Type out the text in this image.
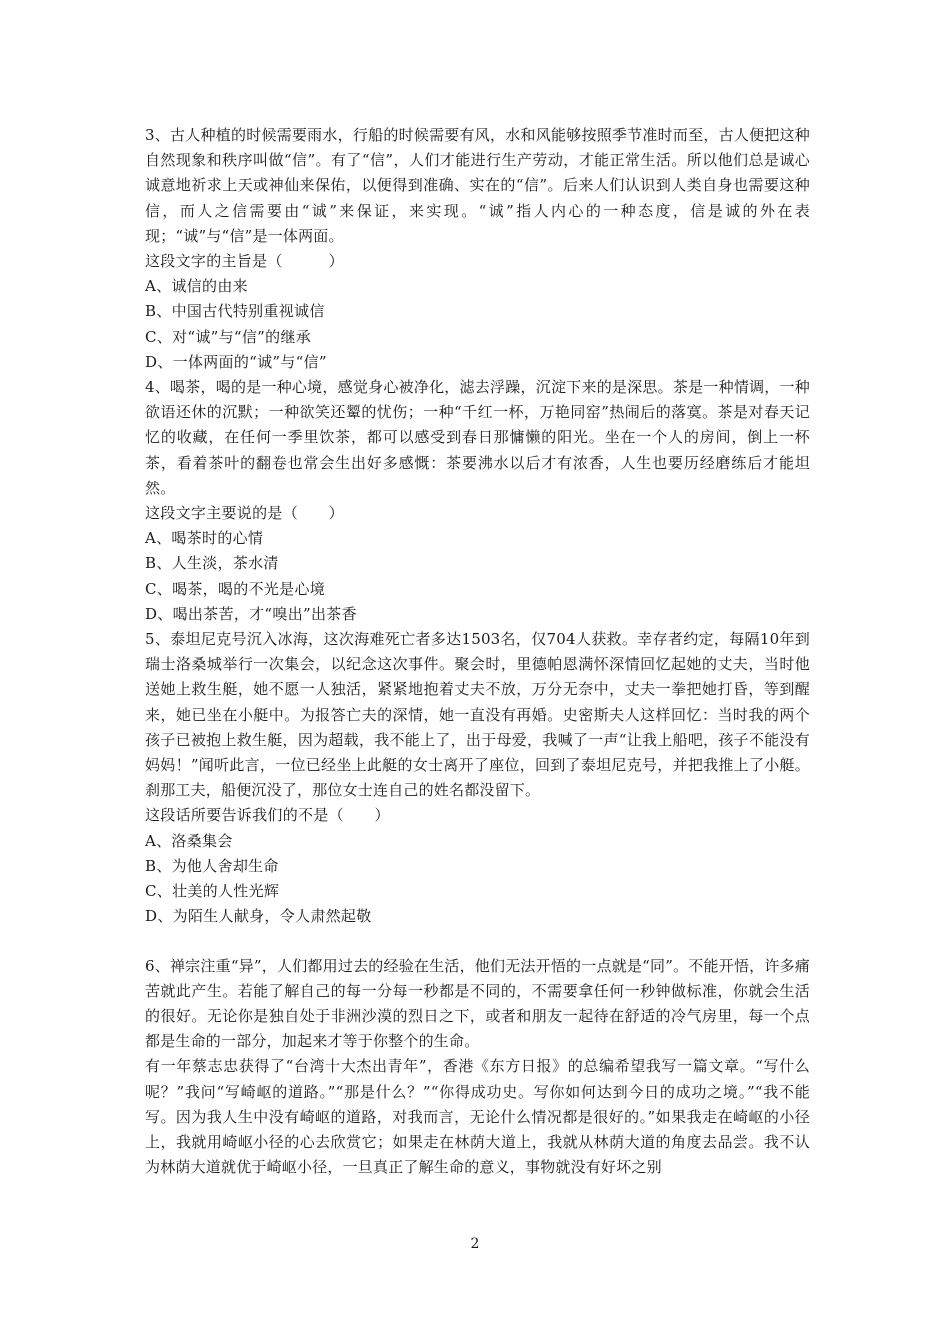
3、古人种植的时候需要雨水，行船的时候需要有风，水和风能够按照季节准时而至，古人便把这种自然现象和秩序叫做“信”。有了“信”，人们才能进行生产劳动，才能正常生活。所以他们总是诚心诚意地祈求上天或神仙来保佑，以便得到准确、实在的“信”。后来人们认识到人类自身也需要这种信，而人之信需要由“诚”来保证，来实现。“诚”指人内心的一种态度，信是诚的外在表现；“诚”与“信”是一体两面。

这段文字的主旨是（　　　）

A、诚信的由来

B、中国古代特别重视诚信

C、对“诚”与“信”的继承

D、一体两面的“诚”与“信”

4、喝茶，喝的是一种心境，感觉身心被净化，滤去浮躁，沉淀下来的是深思。茶是一种情调，一种欲语还休的沉默；一种欲笑还颦的忧伤；一种“千红一杯，万艳同窑”热闹后的落寞。茶是对春天记忆的收藏，在任何一季里饮茶，都可以感受到春日那慵懒的阳光。坐在一个人的房间，倒上一杯茶，看着茶叶的翻卷也常会生出好多感慨：茶要沸水以后才有浓香，人生也要历经磨练后才能坦然。

这段文字主要说的是（　　）

A、喝茶时的心情

B、人生淡，茶水清

C、喝茶，喝的不光是心境

D、喝出茶苦，才“嗅出”出茶香

5、泰坦尼克号沉入冰海，这次海难死亡者多达1503名，仅704人获救。幸存者约定，每隔10年到瑞士洛桑城举行一次集会，以纪念这次事件。聚会时，里德帕恩满怀深情回忆起她的丈夫，当时他送她上救生艇，她不愿一人独活，紧紧地抱着丈夫不放，万分无奈中，丈夫一拳把她打昏，等到醒来，她已坐在小艇中。为报答亡夫的深情，她一直没有再婚。史密斯夫人这样回忆：当时我的两个孩子已被抱上救生艇，因为超载，我不能上了，出于母爱，我喊了一声“让我上船吧，孩子不能没有妈妈！”闻听此言，一位已经坐上此艇的女士离开了座位，回到了泰坦尼克号，并把我推上了小艇。刹那工夫，船便沉没了，那位女士连自己的姓名都没留下。

这段话所要告诉我们的不是（　　）

A、洛桑集会

B、为他人舍却生命

C、壮美的人性光辉

D、为陌生人献身，令人肃然起敬

6、禅宗注重“异”，人们都用过去的经验在生活，他们无法开悟的一点就是“同”。不能开悟，许多痛苦就此产生。若能了解自己的每一分每一秒都是不同的，不需要拿任何一秒钟做标准，你就会生活的很好。无论你是独自处于非洲沙漠的烈日之下，或者和朋友一起待在舒适的冷气房里，每一个点都是生命的一部分，加起来才等于你整个的生命。

有一年蔡志忠获得了“台湾十大杰出青年”，香港《东方日报》的总编希望我写一篇文章。“写什么呢？”我问“写崎岖的道路。”“那是什么？”“你得成功史。写你如何达到今日的成功之境。”“我不能写。因为我人生中没有崎岖的道路，对我而言，无论什么情况都是很好的。”如果我走在崎岖的小径上，我就用崎岖小径的心去欣赏它；如果走在林荫大道上，我就从林荫大道的角度去品尝。我不认为林荫大道就优于崎岖小径，一旦真正了解生命的意义，事物就没有好坏之别

2
